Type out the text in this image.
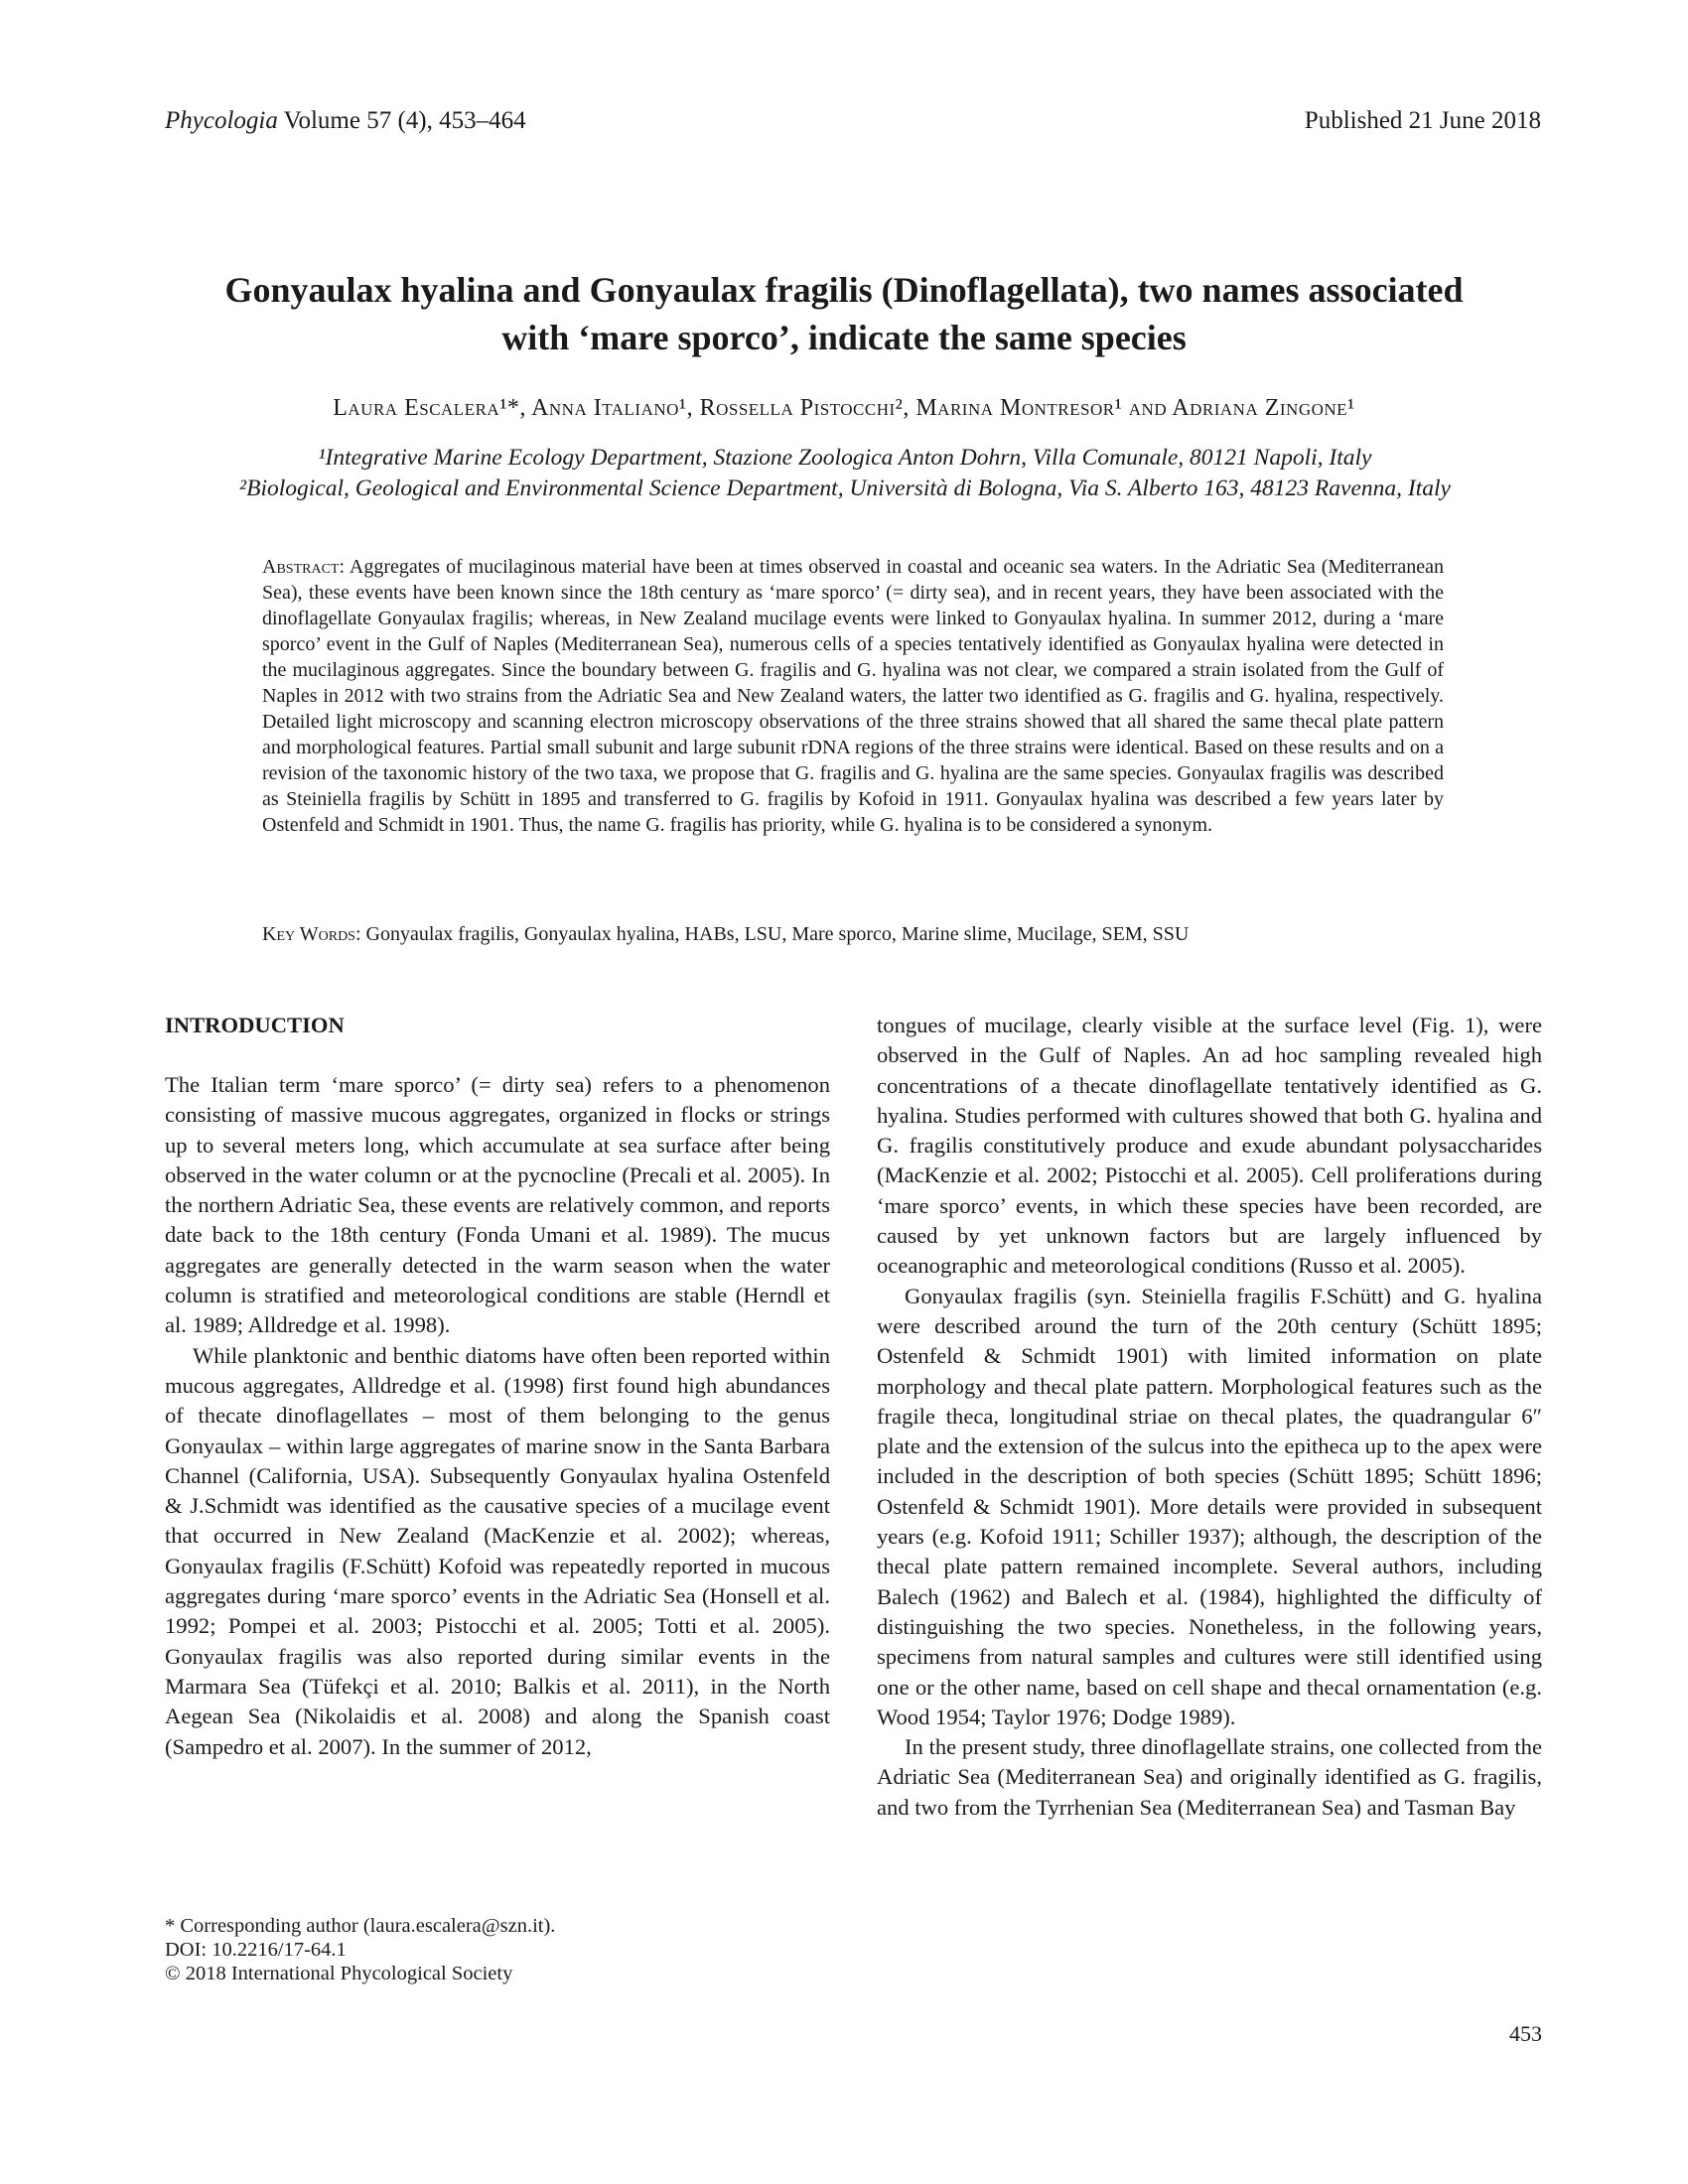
Phycologia Volume 57 (4), 453–464	Published 21 June 2018
Gonyaulax hyalina and Gonyaulax fragilis (Dinoflagellata), two names associated
with ‘mare sporco’, indicate the same species
Laura Escalera¹*, Anna Italiano¹, Rossella Pistocchi², Marina Montresor¹ and Adriana Zingone¹
¹Integrative Marine Ecology Department, Stazione Zoologica Anton Dohrn, Villa Comunale, 80121 Napoli, Italy
²Biological, Geological and Environmental Science Department, Università di Bologna, Via S. Alberto 163, 48123 Ravenna, Italy
Abstract: Aggregates of mucilaginous material have been at times observed in coastal and oceanic sea waters. In the Adriatic Sea (Mediterranean Sea), these events have been known since the 18th century as ‘mare sporco’ (= dirty sea), and in recent years, they have been associated with the dinoflagellate Gonyaulax fragilis; whereas, in New Zealand mucilage events were linked to Gonyaulax hyalina. In summer 2012, during a ‘mare sporco’ event in the Gulf of Naples (Mediterranean Sea), numerous cells of a species tentatively identified as Gonyaulax hyalina were detected in the mucilaginous aggregates. Since the boundary between G. fragilis and G. hyalina was not clear, we compared a strain isolated from the Gulf of Naples in 2012 with two strains from the Adriatic Sea and New Zealand waters, the latter two identified as G. fragilis and G. hyalina, respectively. Detailed light microscopy and scanning electron microscopy observations of the three strains showed that all shared the same thecal plate pattern and morphological features. Partial small subunit and large subunit rDNA regions of the three strains were identical. Based on these results and on a revision of the taxonomic history of the two taxa, we propose that G. fragilis and G. hyalina are the same species. Gonyaulax fragilis was described as Steiniella fragilis by Schütt in 1895 and transferred to G. fragilis by Kofoid in 1911. Gonyaulax hyalina was described a few years later by Ostenfeld and Schmidt in 1901. Thus, the name G. fragilis has priority, while G. hyalina is to be considered a synonym.
Key Words: Gonyaulax fragilis, Gonyaulax hyalina, HABs, LSU, Mare sporco, Marine slime, Mucilage, SEM, SSU
INTRODUCTION

The Italian term ‘mare sporco’ (= dirty sea) refers to a phenomenon consisting of massive mucous aggregates, organized in flocks or strings up to several meters long, which accumulate at sea surface after being observed in the water column or at the pycnocline (Precali et al. 2005). In the northern Adriatic Sea, these events are relatively common, and reports date back to the 18th century (Fonda Umani et al. 1989). The mucus aggregates are generally detected in the warm season when the water column is stratified and meteorological conditions are stable (Herndl et al. 1989; Alldredge et al. 1998).

While planktonic and benthic diatoms have often been reported within mucous aggregates, Alldredge et al. (1998) first found high abundances of thecate dinoflagellates – most of them belonging to the genus Gonyaulax – within large aggregates of marine snow in the Santa Barbara Channel (California, USA). Subsequently Gonyaulax hyalina Ostenfeld & J.Schmidt was identified as the causative species of a mucilage event that occurred in New Zealand (MacKenzie et al. 2002); whereas, Gonyaulax fragilis (F.Schütt) Kofoid was repeatedly reported in mucous aggregates during ‘mare sporco’ events in the Adriatic Sea (Honsell et al. 1992; Pompei et al. 2003; Pistocchi et al. 2005; Totti et al. 2005). Gonyaulax fragilis was also reported during similar events in the Marmara Sea (Tüfekçi et al. 2010; Balkis et al. 2011), in the North Aegean Sea (Nikolaidis et al. 2008) and along the Spanish coast (Sampedro et al. 2007). In the summer of 2012,

tongues of mucilage, clearly visible at the surface level (Fig. 1), were observed in the Gulf of Naples. An ad hoc sampling revealed high concentrations of a thecate dinoflagellate tentatively identified as G. hyalina. Studies performed with cultures showed that both G. hyalina and G. fragilis constitutively produce and exude abundant polysaccharides (MacKenzie et al. 2002; Pistocchi et al. 2005). Cell proliferations during ‘mare sporco’ events, in which these species have been recorded, are caused by yet unknown factors but are largely influenced by oceanographic and meteorological conditions (Russo et al. 2005).

Gonyaulax fragilis (syn. Steiniella fragilis F.Schütt) and G. hyalina were described around the turn of the 20th century (Schütt 1895; Ostenfeld & Schmidt 1901) with limited information on plate morphology and thecal plate pattern. Morphological features such as the fragile theca, longitudinal striae on thecal plates, the quadrangular 6″ plate and the extension of the sulcus into the epitheca up to the apex were included in the description of both species (Schütt 1895; Schütt 1896; Ostenfeld & Schmidt 1901). More details were provided in subsequent years (e.g. Kofoid 1911; Schiller 1937); although, the description of the thecal plate pattern remained incomplete. Several authors, including Balech (1962) and Balech et al. (1984), highlighted the difficulty of distinguishing the two species. Nonetheless, in the following years, specimens from natural samples and cultures were still identified using one or the other name, based on cell shape and thecal ornamentation (e.g. Wood 1954; Taylor 1976; Dodge 1989).

In the present study, three dinoflagellate strains, one collected from the Adriatic Sea (Mediterranean Sea) and originally identified as G. fragilis, and two from the Tyrrhenian Sea (Mediterranean Sea) and Tasman Bay

* Corresponding author (laura.escalera@szn.it).
DOI: 10.2216/17-64.1
© 2018 International Phycological Society
453
